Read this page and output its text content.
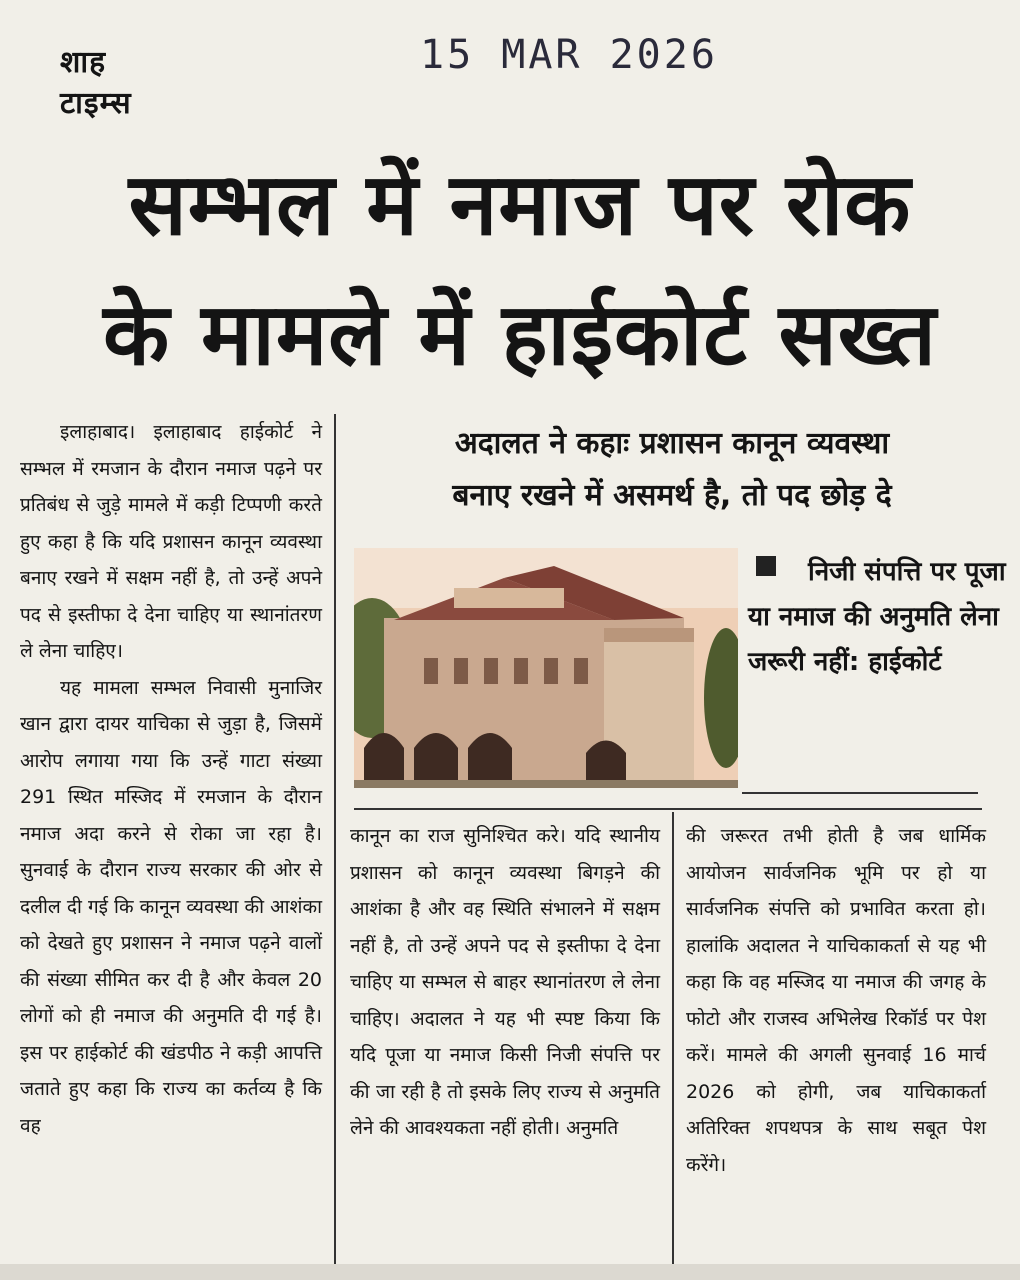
शाह टाइम्स
15 MAR 2026
सम्भल में नमाज पर रोक
के मामले में हाईकोर्ट सख्त
अदालत ने कहाः प्रशासन कानून व्यवस्था
बनाए रखने में असमर्थ है, तो पद छोड़ दे
निजी संपत्ति पर पूजा या नमाज की अनुमति लेना जरूरी नहीं: हाईकोर्ट

इलाहाबाद। इलाहाबाद हाईकोर्ट ने सम्भल में रमजान के दौरान नमाज पढ़ने पर प्रतिबंध से जुड़े मामले में कड़ी टिप्पणी करते हुए कहा है कि यदि प्रशासन कानून व्यवस्था बनाए रखने में सक्षम नहीं है, तो उन्हें अपने पद से इस्तीफा दे देना चाहिए या स्थानांतरण ले लेना चाहिए।

यह मामला सम्भल निवासी मुनाजिर खान द्वारा दायर याचिका से जुड़ा है, जिसमें आरोप लगाया गया कि उन्हें गाटा संख्या 291 स्थित मस्जिद में रमजान के दौरान नमाज अदा करने से रोका जा रहा है। सुनवाई के दौरान राज्य सरकार की ओर से दलील दी गई कि कानून व्यवस्था की आशंका को देखते हुए प्रशासन ने नमाज पढ़ने वालों की संख्या सीमित कर दी है और केवल 20 लोगों को ही नमाज की अनुमति दी गई है। इस पर हाईकोर्ट की खंडपीठ ने कड़ी आपत्ति जताते हुए कहा कि राज्य का कर्तव्य है कि वह

कानून का राज सुनिश्चित करे। यदि स्थानीय प्रशासन को कानून व्यवस्था बिगड़ने की आशंका है और वह स्थिति संभालने में सक्षम नहीं है, तो उन्हें अपने पद से इस्तीफा दे देना चाहिए या सम्भल से बाहर स्थानांतरण ले लेना चाहिए। अदालत ने यह भी स्पष्ट किया कि यदि पूजा या नमाज किसी निजी संपत्ति पर की जा रही है तो इसके लिए राज्य से अनुमति लेने की आवश्यकता नहीं होती। अनुमति

की जरूरत तभी होती है जब धार्मिक आयोजन सार्वजनिक भूमि पर हो या सार्वजनिक संपत्ति को प्रभावित करता हो। हालांकि अदालत ने याचिकाकर्ता से यह भी कहा कि वह मस्जिद या नमाज की जगह के फोटो और राजस्व अभिलेख रिकॉर्ड पर पेश करें। मामले की अगली सुनवाई 16 मार्च 2026 को होगी, जब याचिकाकर्ता अतिरिक्त शपथपत्र के साथ सबूत पेश करेंगे।
